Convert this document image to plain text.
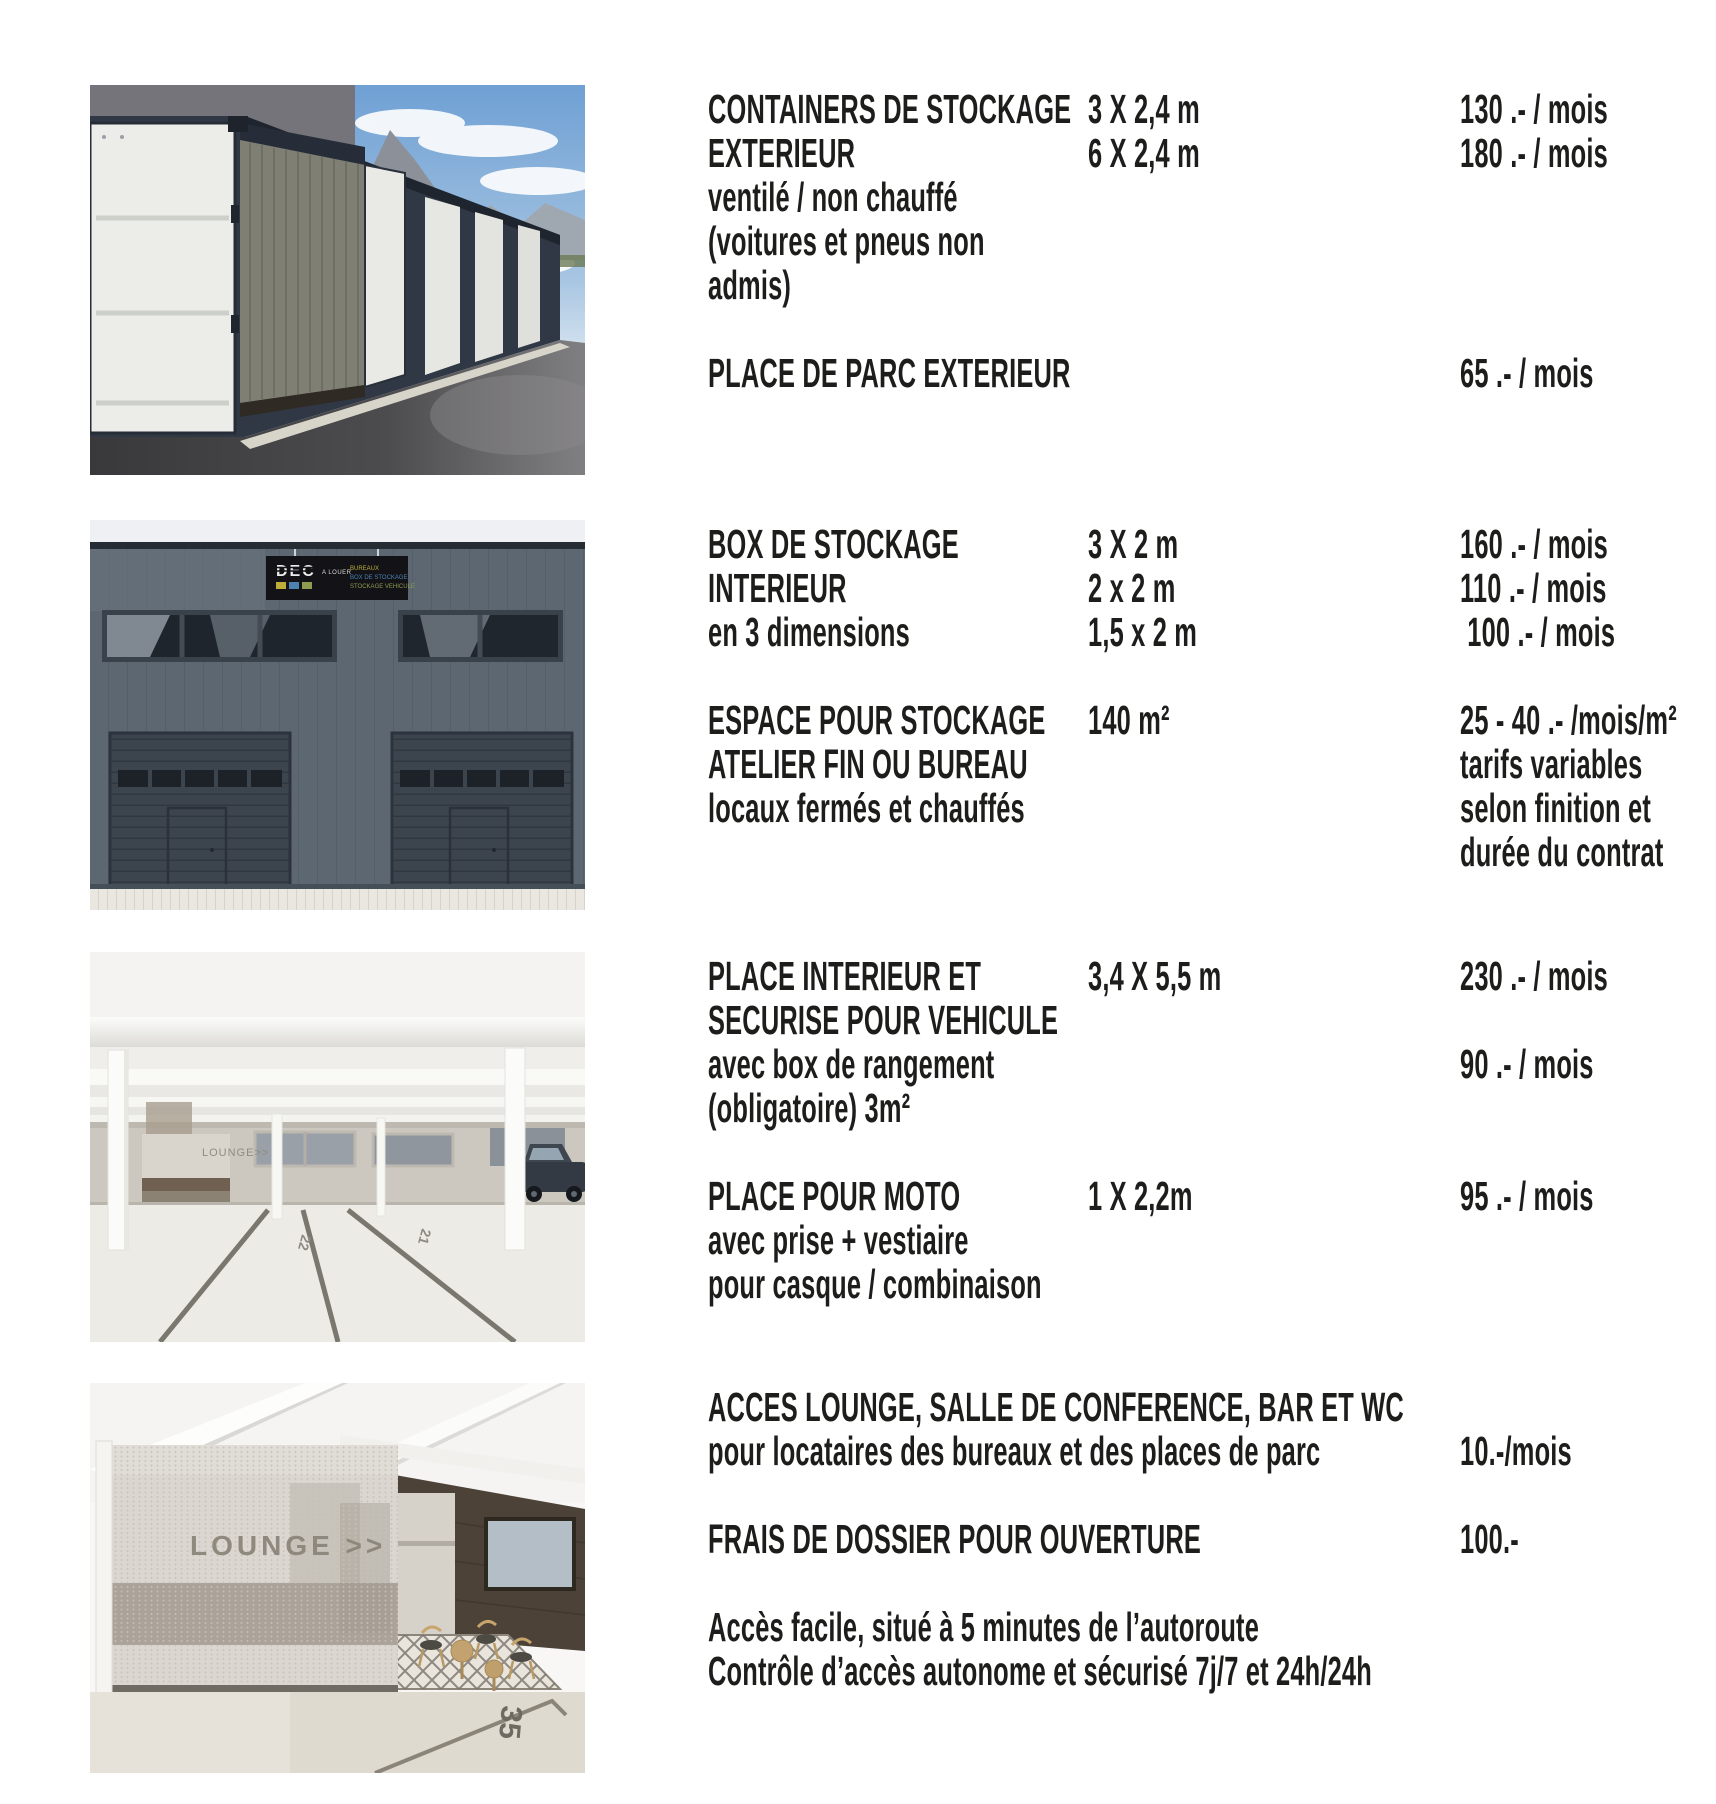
DEC A LOUER
BUREAUX
BOX DE STOCKAGE
STOCKAGE VEHICULE
LOUNGE>>
22	21
LOUNGE >>
35
CONTAINERS DE STOCKAGE
EXTERIEUR
ventilé / non chauffé
(voitures et pneus non
admis)
PLACE DE PARC EXTERIEUR
3 X 2,4 m
6 X 2,4 m
130 .- / mois
180 .- / mois
65 .- / mois
BOX DE STOCKAGE
INTERIEUR
en 3 dimensions
ESPACE POUR STOCKAGE
ATELIER FIN OU BUREAU
locaux fermés et chauffés
3 X 2 m
2 x 2 m
1,5 x 2 m
140 m²
160 .- / mois
110 .- / mois
100 .- / mois
25 - 40 .- /mois/m²
tarifs variables
selon finition et
durée du contrat
PLACE INTERIEUR ET
SECURISE POUR VEHICULE
avec box de rangement
(obligatoire) 3m²
PLACE POUR MOTO
avec prise + vestiaire
pour casque / combinaison
3,4 X 5,5 m
1 X 2,2m
230 .- / mois
90 .- / mois
95 .- / mois
ACCES LOUNGE, SALLE DE CONFERENCE, BAR ET WC
pour locataires des bureaux et des places de parc
FRAIS DE DOSSIER POUR OUVERTURE
Accès facile, situé à 5 minutes de l’autoroute
Contrôle d’accès autonome et sécurisé 7j/7 et 24h/24h
10.-/mois
100.-
